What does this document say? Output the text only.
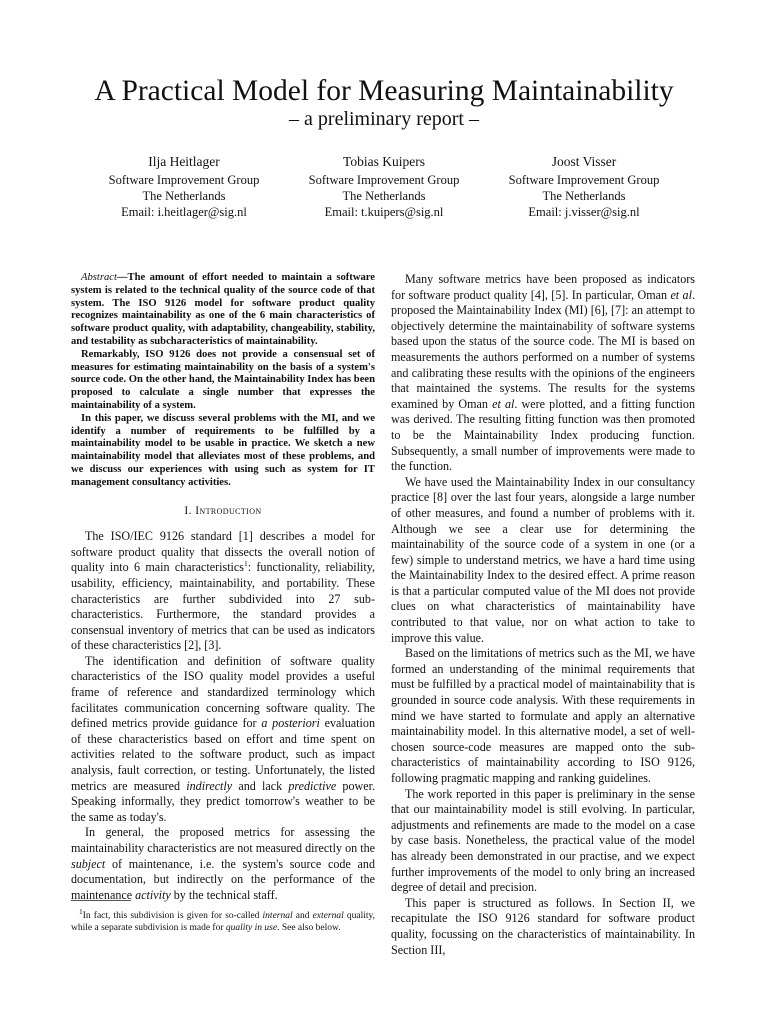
A Practical Model for Measuring Maintainability
– a preliminary report –
Ilja Heitlager
Software Improvement Group
The Netherlands
Email: i.heitlager@sig.nl
Tobias Kuipers
Software Improvement Group
The Netherlands
Email: t.kuipers@sig.nl
Joost Visser
Software Improvement Group
The Netherlands
Email: j.visser@sig.nl

Abstract—The amount of effort needed to maintain a software system is related to the technical quality of the source code of that system. The ISO 9126 model for software product quality recognizes maintainability as one of the 6 main characteristics of software product quality, with adaptability, changeability, stability, and testability as subcharacteristics of maintainability.

Remarkably, ISO 9126 does not provide a consensual set of measures for estimating maintainability on the basis of a system's source code. On the other hand, the Maintainability Index has been proposed to calculate a single number that expresses the maintainability of a system.

In this paper, we discuss several problems with the MI, and we identify a number of requirements to be fulfilled by a maintainability model to be usable in practice. We sketch a new maintainability model that alleviates most of these problems, and we discuss our experiences with using such as system for IT management consultancy activities.

I. Introduction

The ISO/IEC 9126 standard [1] describes a model for software product quality that dissects the overall notion of quality into 6 main characteristics$^1$: functionality, reliability, usability, efficiency, maintainability, and portability. These characteristics are further subdivided into 27 sub-characteristics. Furthermore, the standard provides a consensual inventory of metrics that can be used as indicators of these characteristics [2], [3].

The identification and definition of software quality characteristics of the ISO quality model provides a useful frame of reference and standardized terminology which facilitates communication concerning software quality. The defined metrics provide guidance for a posteriori evaluation of these characteristics based on effort and time spent on activities related to the software product, such as impact analysis, fault correction, or testing. Unfortunately, the listed metrics are measured indirectly and lack predictive power. Speaking informally, they predict tomorrow's weather to be the same as today's.

In general, the proposed metrics for assessing the maintainability characteristics are not measured directly on the subject of maintenance, i.e. the system's source code and documentation, but indirectly on the performance of the maintenance activity by the technical staff.

$^1$In fact, this subdivision is given for so-called internal and external quality, while a separate subdivision is made for quality in use. See also below.

Many software metrics have been proposed as indicators for software product quality [4], [5]. In particular, Oman et al. proposed the Maintainability Index (MI) [6], [7]: an attempt to objectively determine the maintainability of software systems based upon the status of the source code. The MI is based on measurements the authors performed on a number of systems and calibrating these results with the opinions of the engineers that maintained the systems. The results for the systems examined by Oman et al. were plotted, and a fitting function was derived. The resulting fitting function was then promoted to be the Maintainability Index producing function. Subsequently, a small number of improvements were made to the function.

We have used the Maintainability Index in our consultancy practice [8] over the last four years, alongside a large number of other measures, and found a number of problems with it. Although we see a clear use for determining the maintainability of the source code of a system in one (or a few) simple to understand metrics, we have a hard time using the Maintainability Index to the desired effect. A prime reason is that a particular computed value of the MI does not provide clues on what characteristics of maintainability have contributed to that value, nor on what action to take to improve this value.

Based on the limitations of metrics such as the MI, we have formed an understanding of the minimal requirements that must be fulfilled by a practical model of maintainability that is grounded in source code analysis. With these requirements in mind we have started to formulate and apply an alternative maintainability model. In this alternative model, a set of well-chosen source-code measures are mapped onto the sub-characteristics of maintainability according to ISO 9126, following pragmatic mapping and ranking guidelines.

The work reported in this paper is preliminary in the sense that our maintainability model is still evolving. In particular, adjustments and refinements are made to the model on a case by case basis. Nonetheless, the practical value of the model has already been demonstrated in our practise, and we expect further improvements of the model to only bring an increased degree of detail and precision.

This paper is structured as follows. In Section II, we recapitulate the ISO 9126 standard for software product quality, focussing on the characteristics of maintainability. In Section III,
